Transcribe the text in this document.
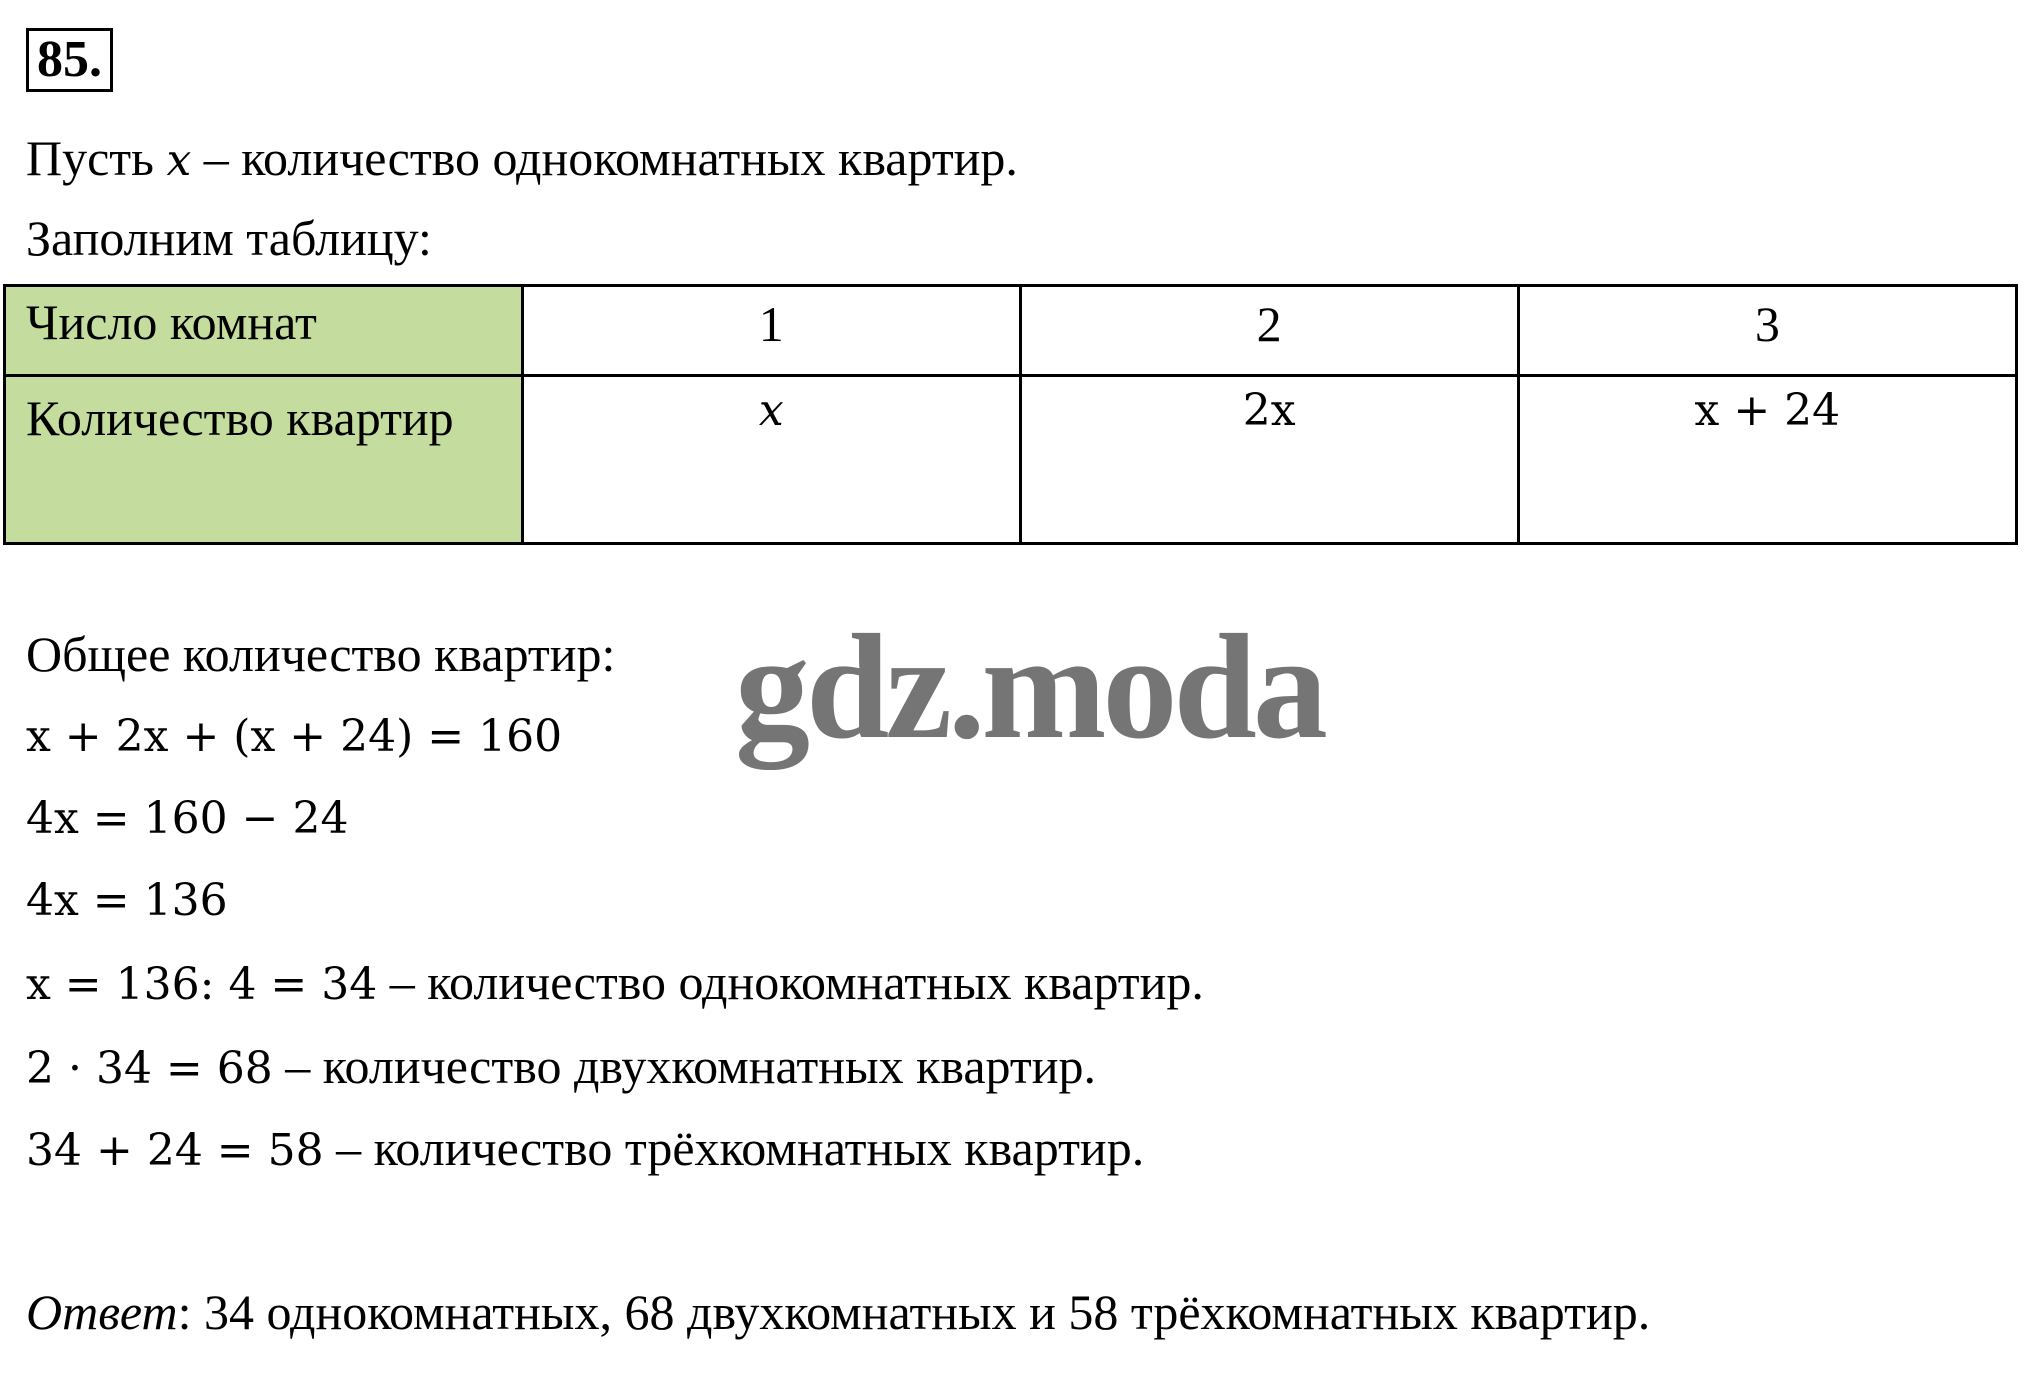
85.
Пусть x – количество однокомнатных квартир.
Заполним таблицу:
Число комнат	1	2	3
Количество квартир	x	2x	x + 24
gdz.moda
Общее количество квартир:
x + 2x + (x + 24) = 160
4x = 160 − 24
4x = 136
x = 136: 4 = 34 – количество однокомнатных квартир.
2 · 34 = 68 – количество двухкомнатных квартир.
34 + 24 = 58 – количество трёхкомнатных квартир.
Ответ: 34 однокомнатных, 68 двухкомнатных и 58 трёхкомнатных квартир.
